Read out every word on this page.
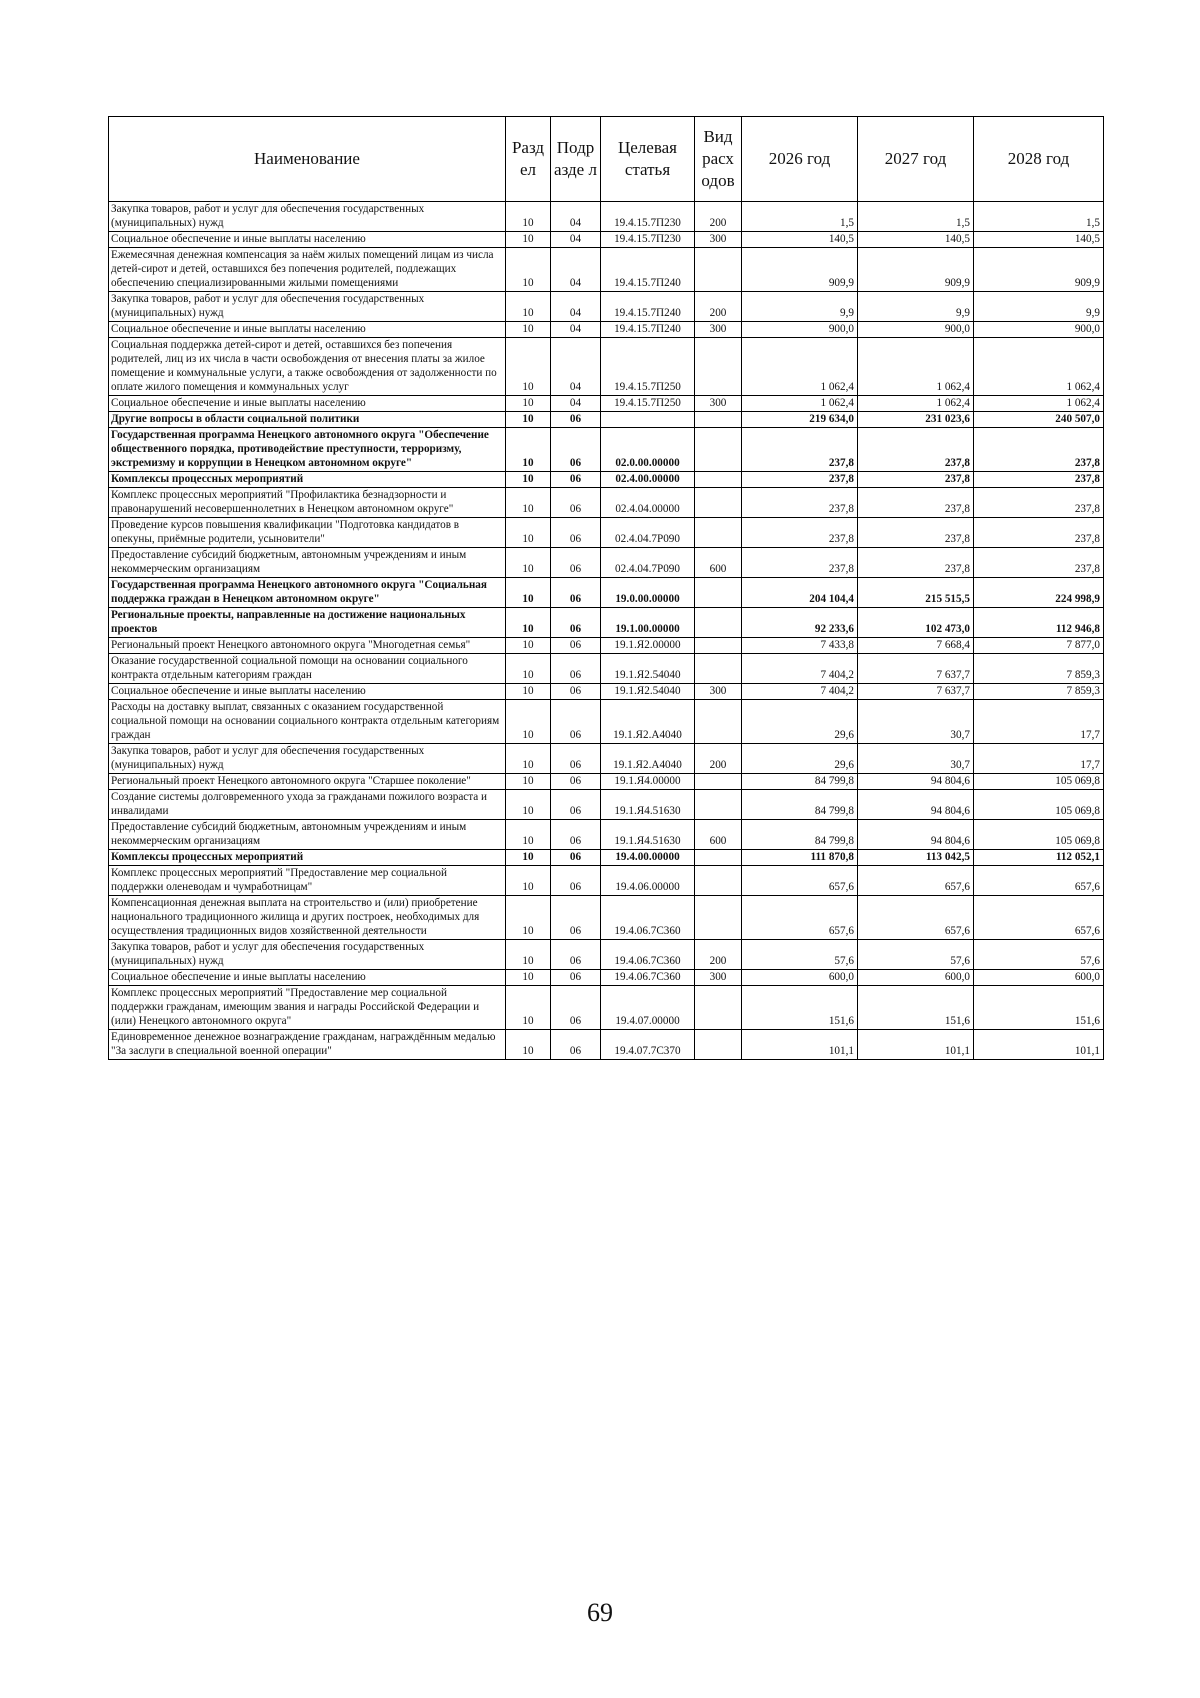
Наименование	Разд ел	Подр азде л	Целевая статья	Вид расх одов	2026 год	2027 год	2028 год
Закупка товаров, работ и услуг для обеспечения государственных (муниципальных) нужд	10	04	19.4.15.7П230	200	1,5	1,5	1,5
Социальное обеспечение и иные выплаты населению	10	04	19.4.15.7П230	300	140,5	140,5	140,5
Ежемесячная денежная компенсация за наём жилых помещений лицам из числа детей-сирот и детей, оставшихся без попечения родителей, подлежащих обеспечению специализированными жилыми помещениями	10	04	19.4.15.7П240		909,9	909,9	909,9
Закупка товаров, работ и услуг для обеспечения государственных (муниципальных) нужд	10	04	19.4.15.7П240	200	9,9	9,9	9,9
Социальное обеспечение и иные выплаты населению	10	04	19.4.15.7П240	300	900,0	900,0	900,0
Социальная поддержка детей-сирот и детей, оставшихся без попечения родителей, лиц из их числа в части освобождения от внесения платы за жилое помещение и коммунальные услуги, а также освобождения от задолженности по оплате жилого помещения и коммунальных услуг	10	04	19.4.15.7П250		1 062,4	1 062,4	1 062,4
Социальное обеспечение и иные выплаты населению	10	04	19.4.15.7П250	300	1 062,4	1 062,4	1 062,4
Другие вопросы в области социальной политики	10	06			219 634,0	231 023,6	240 507,0
Государственная программа Ненецкого автономного округа "Обеспечение общественного порядка, противодействие преступности, терроризму, экстремизму и коррупции в Ненецком автономном округе"	10	06	02.0.00.00000		237,8	237,8	237,8
Комплексы процессных мероприятий	10	06	02.4.00.00000		237,8	237,8	237,8
Комплекс процессных мероприятий "Профилактика безнадзорности и правонарушений несовершеннолетних в Ненецком автономном округе"	10	06	02.4.04.00000		237,8	237,8	237,8
Проведение курсов повышения квалификации "Подготовка кандидатов в опекуны, приёмные родители, усыновители"	10	06	02.4.04.7Р090		237,8	237,8	237,8
Предоставление субсидий бюджетным, автономным учреждениям и иным некоммерческим организациям	10	06	02.4.04.7Р090	600	237,8	237,8	237,8
Государственная программа Ненецкого автономного округа "Социальная поддержка граждан в Ненецком автономном округе"	10	06	19.0.00.00000		204 104,4	215 515,5	224 998,9
Региональные проекты, направленные на достижение национальных проектов	10	06	19.1.00.00000		92 233,6	102 473,0	112 946,8
Региональный проект Ненецкого автономного округа "Многодетная семья"	10	06	19.1.Я2.00000		7 433,8	7 668,4	7 877,0
Оказание государственной социальной помощи на основании социального контракта отдельным категориям граждан	10	06	19.1.Я2.54040		7 404,2	7 637,7	7 859,3
Социальное обеспечение и иные выплаты населению	10	06	19.1.Я2.54040	300	7 404,2	7 637,7	7 859,3
Расходы на доставку выплат, связанных с оказанием государственной социальной помощи на основании социального контракта отдельным категориям граждан	10	06	19.1.Я2.А4040		29,6	30,7	17,7
Закупка товаров, работ и услуг для обеспечения государственных (муниципальных) нужд	10	06	19.1.Я2.А4040	200	29,6	30,7	17,7
Региональный проект Ненецкого автономного округа "Старшее поколение"	10	06	19.1.Я4.00000		84 799,8	94 804,6	105 069,8
Создание системы долговременного ухода за гражданами пожилого возраста и инвалидами	10	06	19.1.Я4.51630		84 799,8	94 804,6	105 069,8
Предоставление субсидий бюджетным, автономным учреждениям и иным некоммерческим организациям	10	06	19.1.Я4.51630	600	84 799,8	94 804,6	105 069,8
Комплексы процессных мероприятий	10	06	19.4.00.00000		111 870,8	113 042,5	112 052,1
Комплекс процессных мероприятий "Предоставление мер социальной поддержки оленеводам и чумработницам"	10	06	19.4.06.00000		657,6	657,6	657,6
Компенсационная денежная выплата на строительство и (или) приобретение национального традиционного жилища и других построек, необходимых для осуществления традиционных видов хозяйственной деятельности	10	06	19.4.06.7С360		657,6	657,6	657,6
Закупка товаров, работ и услуг для обеспечения государственных (муниципальных) нужд	10	06	19.4.06.7С360	200	57,6	57,6	57,6
Социальное обеспечение и иные выплаты населению	10	06	19.4.06.7С360	300	600,0	600,0	600,0
Комплекс процессных мероприятий "Предоставление мер социальной поддержки гражданам, имеющим звания и награды Российской Федерации и (или) Ненецкого автономного округа"	10	06	19.4.07.00000		151,6	151,6	151,6
Единовременное денежное вознаграждение гражданам, награждённым медалью "За заслуги в специальной военной операции"	10	06	19.4.07.7С370		101,1	101,1	101,1
69
